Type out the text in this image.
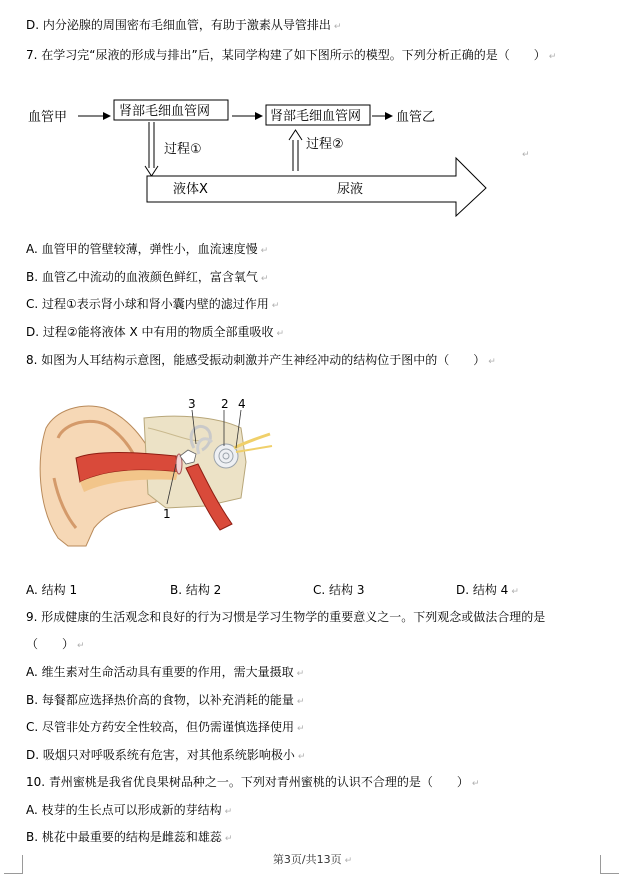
D. 内分泌腺的周围密布毛细血管，有助于激素从导管排出 ↵
7. 在学习完“尿液的形成与排出”后，某同学构建了如下图所示的模型。下列分析正确的是（　　） ↵
血管甲	肾部毛细血管网	肾部毛细血管网	血管乙
过程①	过程②
液体X	尿液
↵
A. 血管甲的管壁较薄，弹性小，血流速度慢 ↵
B. 血管乙中流动的血液颜色鲜红，富含氧气 ↵
C. 过程①表示肾小球和肾小囊内壁的滤过作用 ↵
D. 过程②能将液体 X 中有用的物质全部重吸收 ↵
8. 如图为人耳结构示意图，能感受振动刺激并产生神经冲动的结构位于图中的（　　） ↵
3 2 4
1
A. 结构 1	B. 结构 2	C. 结构 3	D. 结构 4 ↵
9. 形成健康的生活观念和良好的行为习惯是学习生物学的重要意义之一。下列观念或做法合理的是
（　　） ↵
A. 维生素对生命活动具有重要的作用，需大量摄取 ↵
B. 每餐都应选择热价高的食物，以补充消耗的能量 ↵
C. 尽管非处方药安全性较高，但仍需谨慎选择使用 ↵
D. 吸烟只对呼吸系统有危害，对其他系统影响极小 ↵
10. 青州蜜桃是我省优良果树品种之一。下列对青州蜜桃的认识不合理的是（　　） ↵
A. 枝芽的生长点可以形成新的芽结构 ↵
B. 桃花中最重要的结构是雌蕊和雄蕊 ↵
第3页/共13页 ↵
